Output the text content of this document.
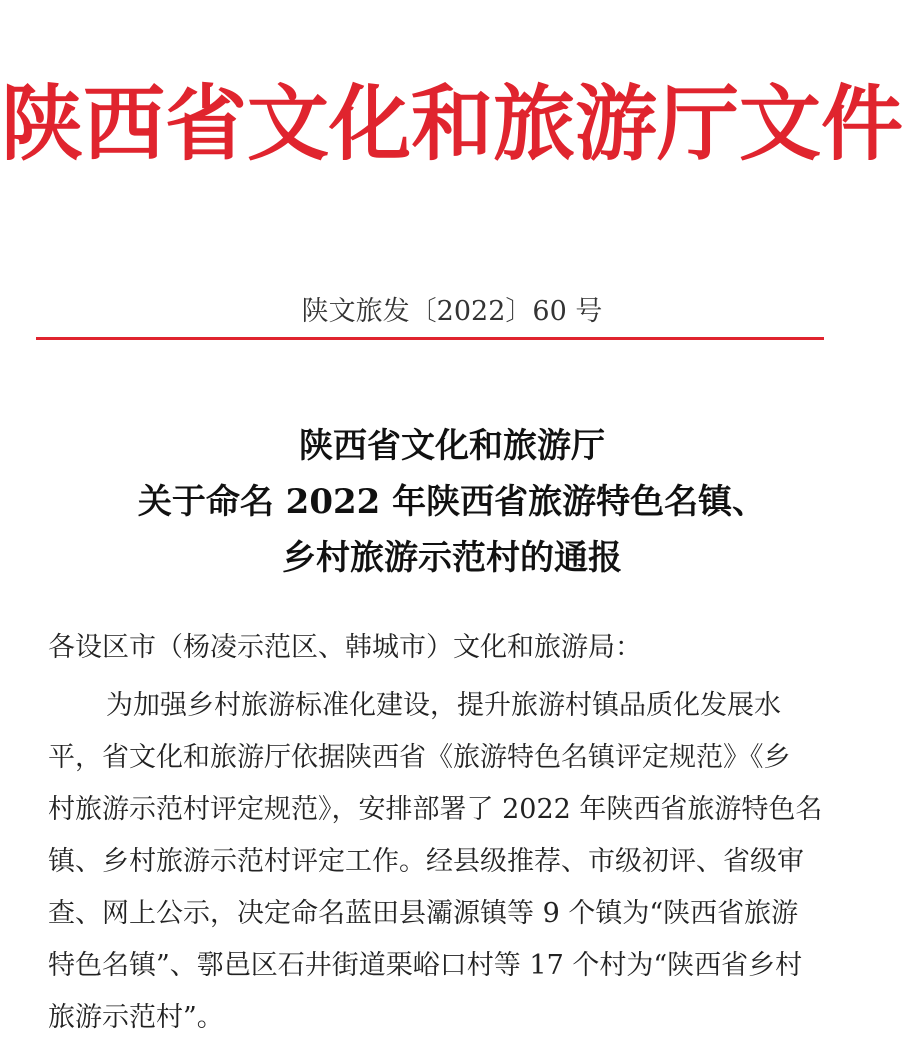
陕西省文化和旅游厅文件
陕文旅发〔2022〕60 号
陕西省文化和旅游厅
关于命名 2022 年陕西省旅游特色名镇、
乡村旅游示范村的通报
各设区市（杨凌示范区、韩城市）文化和旅游局：
为加强乡村旅游标准化建设，提升旅游村镇品质化发展水
平，省文化和旅游厅依据陕西省《旅游特色名镇评定规范》《乡
村旅游示范村评定规范》，安排部署了 2022 年陕西省旅游特色名
镇、乡村旅游示范村评定工作。经县级推荐、市级初评、省级审
查、网上公示，决定命名蓝田县灞源镇等 9 个镇为“陕西省旅游
特色名镇”、鄠邑区石井街道栗峪口村等 17 个村为“陕西省乡村
旅游示范村”。
